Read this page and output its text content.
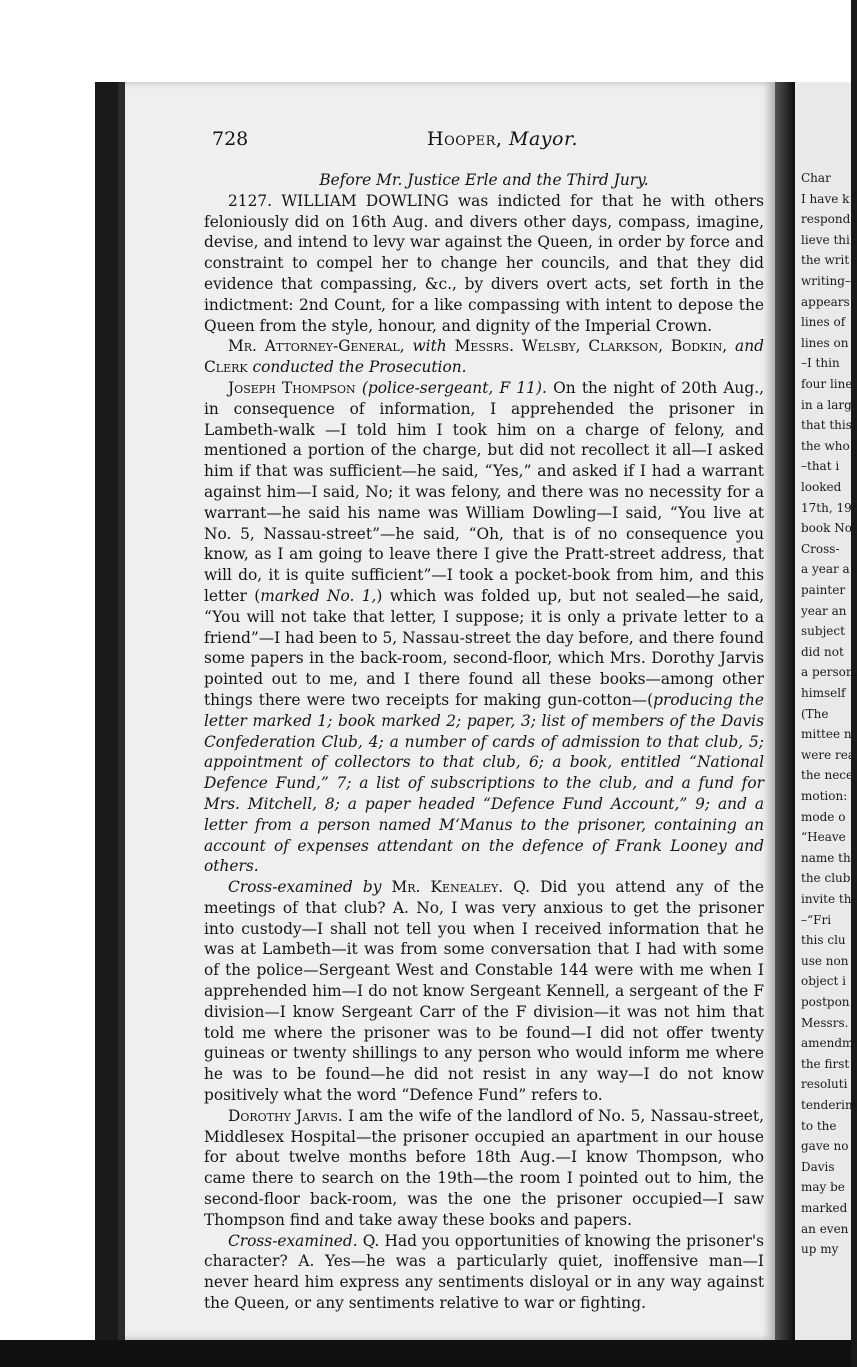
Char
I have k
responde
lieve thi
the writ
writing–
appears
lines of
lines on
–I thin
four line
in a larg
that this
the who
–that i
looked
17th, 19
book No
Cross-
a year a
painter
year an
subject
did not
a person
himself
(The
mittee n
were rea
the nece
motion:
mode o
“Heave
name th
the club
invite th
–“Fri
this clu
use non
object i
postpon
Messrs.
amendm
the first
resoluti
tenderin
to the
gave no
Davis
may be
marked
an even
up my
728	Hooper, Mayor.

Before Mr. Justice Erle and the Third Jury.

2127. WILLIAM DOWLING was indicted for that he with others feloniously did on 16th Aug. and divers other days, compass, imagine, devise, and intend to levy war against the Queen, in order by force and constraint to compel her to change her councils, and that they did evidence that compassing, &c., by divers overt acts, set forth in the indictment: 2nd Count, for a like compassing with intent to depose the Queen from the style, honour, and dignity of the Imperial Crown.

Mr. Attorney-General, with Messrs. Welsby, Clarkson, Bodkin, and Clerk conducted the Prosecution.

Joseph Thompson (police-sergeant, F 11). On the night of 20th Aug., in consequence of information, I apprehended the prisoner in Lambeth-walk —I told him I took him on a charge of felony, and mentioned a portion of the charge, but did not recollect it all—I asked him if that was sufficient—he said, “Yes,” and asked if I had a warrant against him—I said, No; it was felony, and there was no necessity for a warrant—he said his name was William Dowling—I said, “You live at No. 5, Nassau-street”—he said, “Oh, that is of no consequence you know, as I am going to leave there I give the Pratt-street address, that will do, it is quite sufficient”—I took a pocket-book from him, and this letter (marked No. 1,) which was folded up, but not sealed—he said, “You will not take that letter, I suppose; it is only a private letter to a friend”—I had been to 5, Nassau-street the day before, and there found some papers in the back-room, second-floor, which Mrs. Dorothy Jarvis pointed out to me, and I there found all these books—among other things there were two receipts for making gun-cotton—(producing the letter marked 1; book marked 2; paper, 3; list of members of the Davis Confederation Club, 4; a number of cards of admission to that club, 5; appointment of collectors to that club, 6; a book, entitled “National Defence Fund,” 7; a list of subscriptions to the club, and a fund for Mrs. Mitchell, 8; a paper headed “Defence Fund Account,” 9; and a letter from a person named M‘Manus to the prisoner, containing an account of expenses attendant on the defence of Frank Looney and others.

Cross-examined by Mr. Kenealey. Q. Did you attend any of the meetings of that club? A. No, I was very anxious to get the prisoner into custody—I shall not tell you when I received information that he was at Lambeth—it was from some conversation that I had with some of the police—Sergeant West and Constable 144 were with me when I apprehended him—I do not know Sergeant Kennell, a sergeant of the F division—I know Sergeant Carr of the F division—it was not him that told me where the prisoner was to be found—I did not offer twenty guineas or twenty shillings to any person who would inform me where he was to be found—he did not resist in any way—I do not know positively what the word “Defence Fund” refers to.

Dorothy Jarvis. I am the wife of the landlord of No. 5, Nassau-street, Middlesex Hospital—the prisoner occupied an apartment in our house for about twelve months before 18th Aug.—I know Thompson, who came there to search on the 19th—the room I pointed out to him, the second-floor back-room, was the one the prisoner occupied—I saw Thompson find and take away these books and papers.

Cross-examined. Q. Had you opportunities of knowing the prisoner's character? A. Yes—he was a particularly quiet, inoffensive man—I never heard him express any sentiments disloyal or in any way against the Queen, or any sentiments relative to war or fighting.
